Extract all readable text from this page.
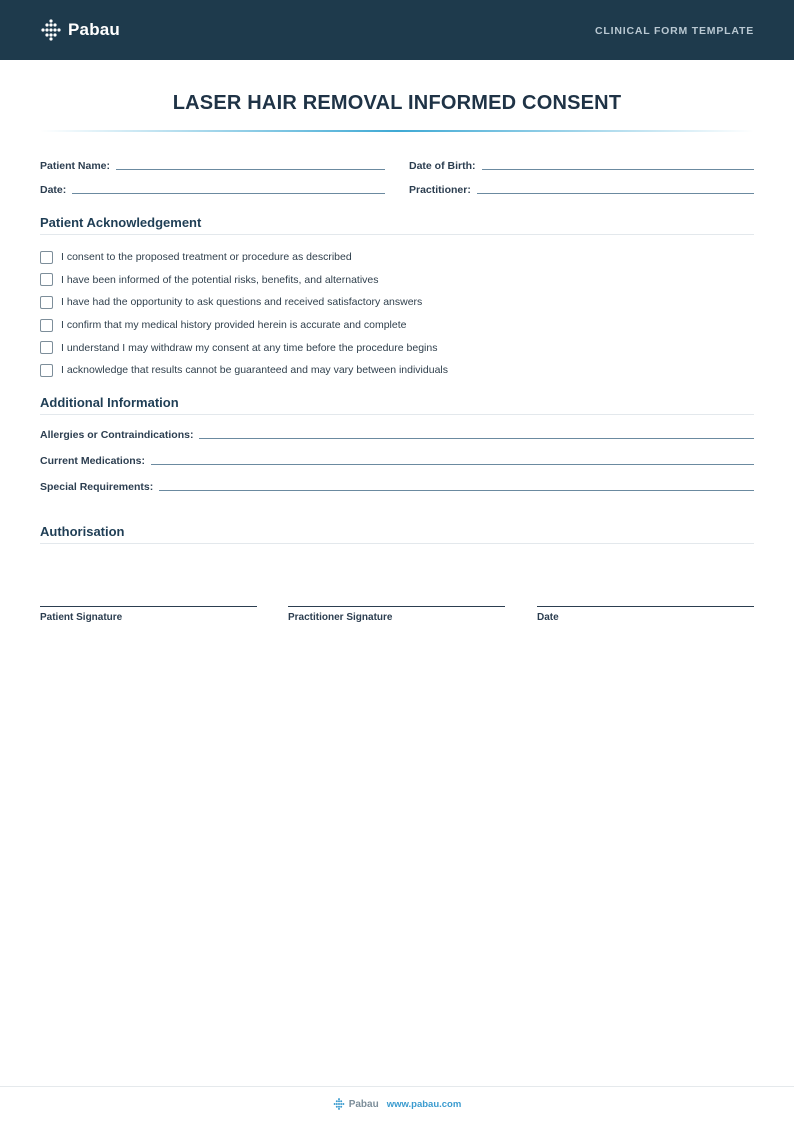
Pabau	CLINICAL FORM TEMPLATE
LASER HAIR REMOVAL INFORMED CONSENT
Patient Name:	Date of Birth:
Date:	Practitioner:
Patient Acknowledgement
I consent to the proposed treatment or procedure as described
I have been informed of the potential risks, benefits, and alternatives
I have had the opportunity to ask questions and received satisfactory answers
I confirm that my medical history provided herein is accurate and complete
I understand I may withdraw my consent at any time before the procedure begins
I acknowledge that results cannot be guaranteed and may vary between individuals
Additional Information
Allergies or Contraindications:
Current Medications:
Special Requirements:
Authorisation
Patient Signature	Practitioner Signature	Date
Pabau www.pabau.com
